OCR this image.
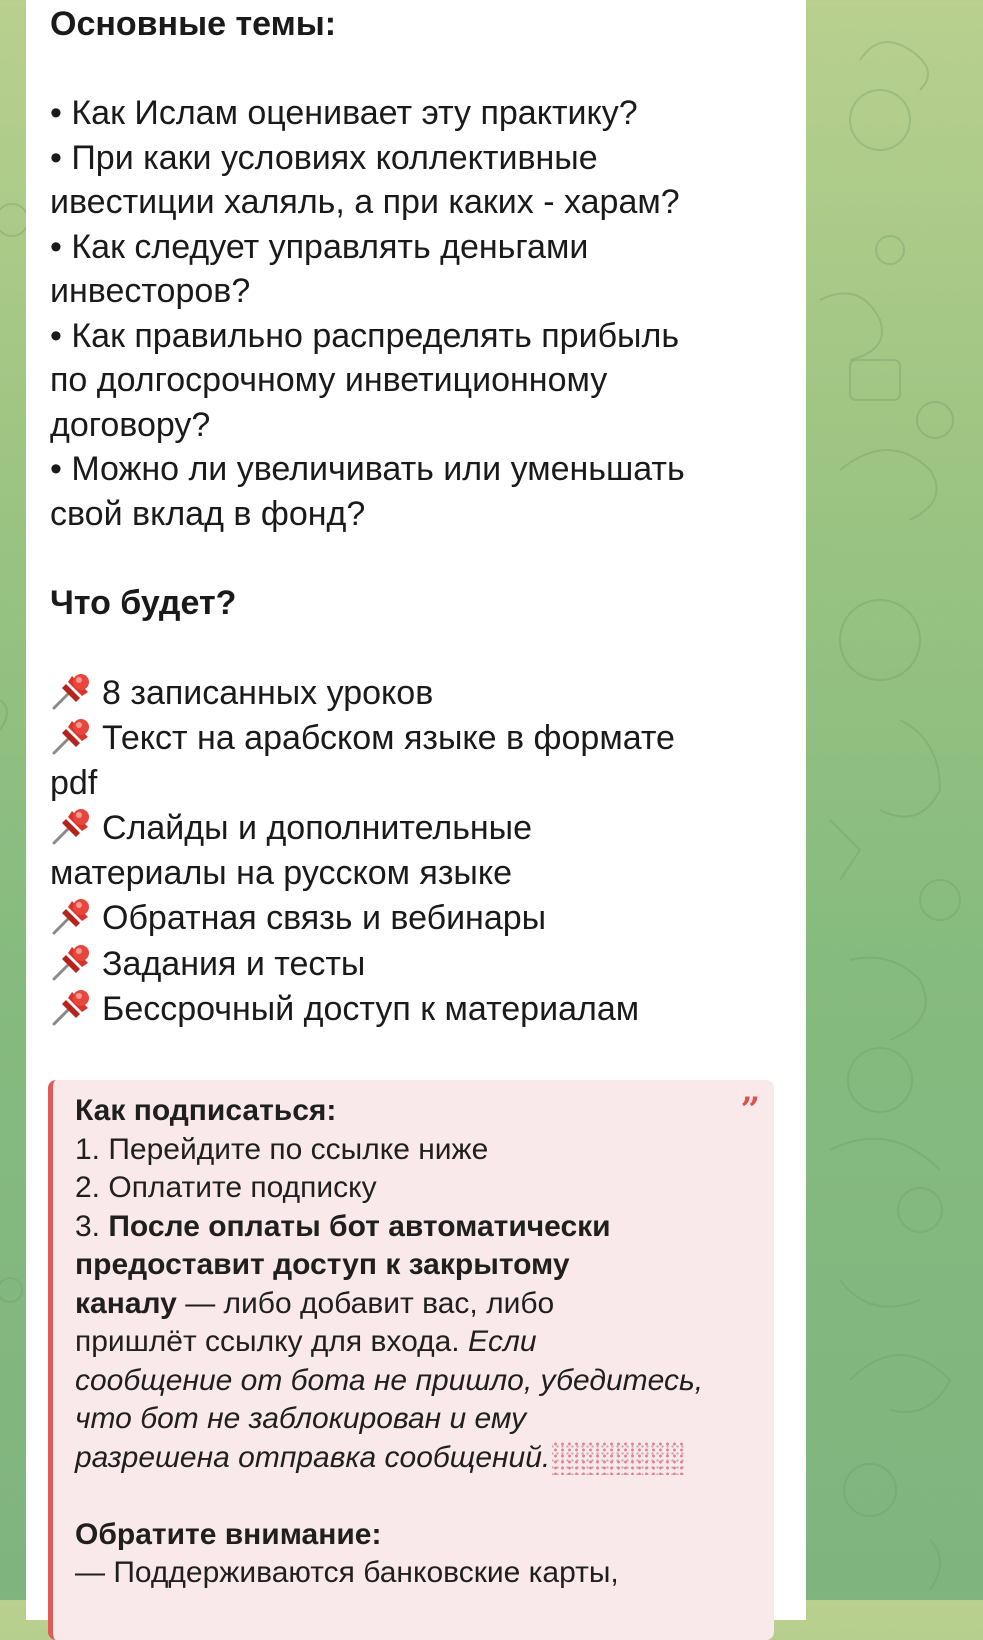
Основные темы:

• Как Ислам оценивает эту практику?

• При каки условиях коллективные

ивестиции халяль, а при каких - харам?

• Как следует управлять деньгами

инвесторов?

• Как правильно распределять прибыль

по долгосрочному инветиционному

договору?

• Можно ли увеличивать или уменьшать

свой вклад в фонд?

Что будет?

8 записанных уроков

Текст на арабском языке в формате

pdf

Слайды и дополнительные

материалы на русском языке

Обратная связь и вебинары

Задания и тесты

Бессрочный доступ к материалам

”

Как подписаться:

1. Перейдите по ссылке ниже

2. Оплатите подписку

3. После оплаты бот автоматически

предоставит доступ к закрытому

каналу — либо добавит вас, либо

пришлёт ссылку для входа. Если

сообщение от бота не пришло, убедитесь,

что бот не заблокирован и ему

разрешена отправка сообщений.

Обратите внимание:

— Поддерживаются банковские карты,
